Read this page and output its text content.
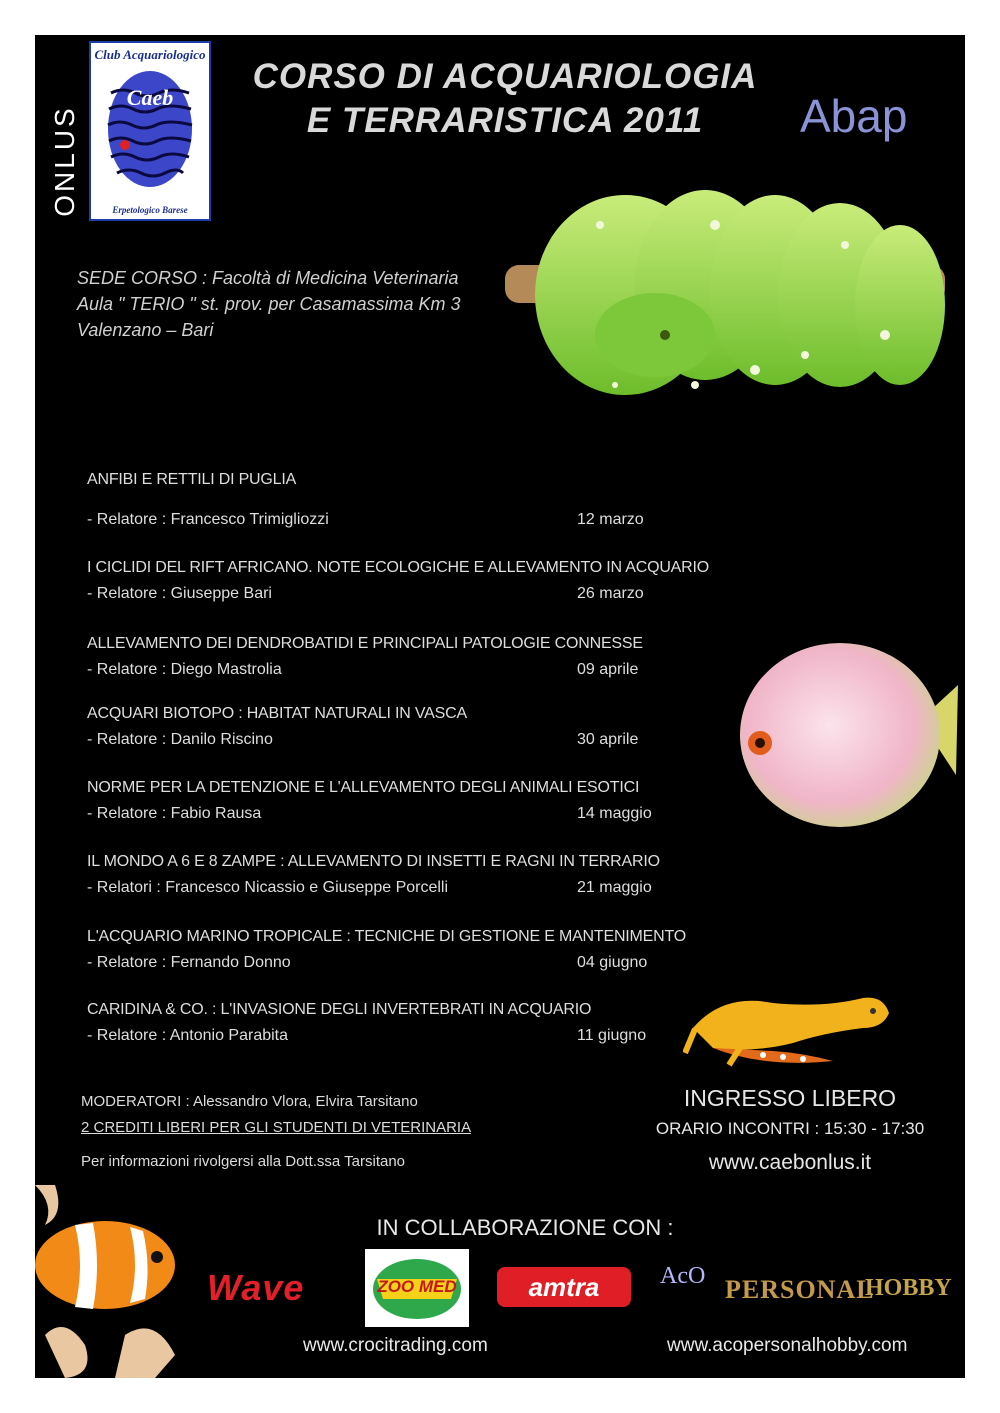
ONLUS
Club Acquariologico
Caeb
Erpetologico Barese
CORSO DI ACQUARIOLOGIA
E TERRARISTICA 2011	Abap
SEDE CORSO : Facoltà di Medicina Veterinaria
Aula " TERIO " st. prov. per Casamassima Km 3
Valenzano – Bari
ANFIBI E RETTILI DI PUGLIA
- Relatore : Francesco Trimigliozzi	12 marzo
I CICLIDI DEL RIFT AFRICANO. NOTE ECOLOGICHE E ALLEVAMENTO IN ACQUARIO
- Relatore : Giuseppe Bari	26 marzo
ALLEVAMENTO DEI DENDROBATIDI E PRINCIPALI PATOLOGIE CONNESSE
- Relatore : Diego Mastrolia	09 aprile
ACQUARI BIOTOPO : HABITAT NATURALI IN VASCA
- Relatore : Danilo Riscino	30 aprile
NORME PER LA DETENZIONE E L'ALLEVAMENTO DEGLI ANIMALI ESOTICI
- Relatore : Fabio Rausa	14 maggio
IL MONDO A 6 E 8 ZAMPE : ALLEVAMENTO DI INSETTI E RAGNI IN TERRARIO
- Relatori : Francesco Nicassio e Giuseppe Porcelli	21 maggio
L'ACQUARIO MARINO TROPICALE : TECNICHE DI GESTIONE E MANTENIMENTO
- Relatore : Fernando Donno	04 giugno
CARIDINA & CO. : L'INVASIONE DEGLI INVERTEBRATI IN ACQUARIO
- Relatore : Antonio Parabita	11 giugno
MODERATORI : Alessandro Vlora, Elvira Tarsitano
2 CREDITI LIBERI PER GLI STUDENTI DI VETERINARIA
Per informazioni rivolgersi alla Dott.ssa Tarsitano
INGRESSO LIBERO
ORARIO INCONTRI : 15:30 - 17:30
www.caebonlus.it
IN COLLABORAZIONE CON :
Wave	ZOO MED	amtra	AcO PERSONAL
HOBBY
www.crocitrading.com	www.acopersonalhobby.com
